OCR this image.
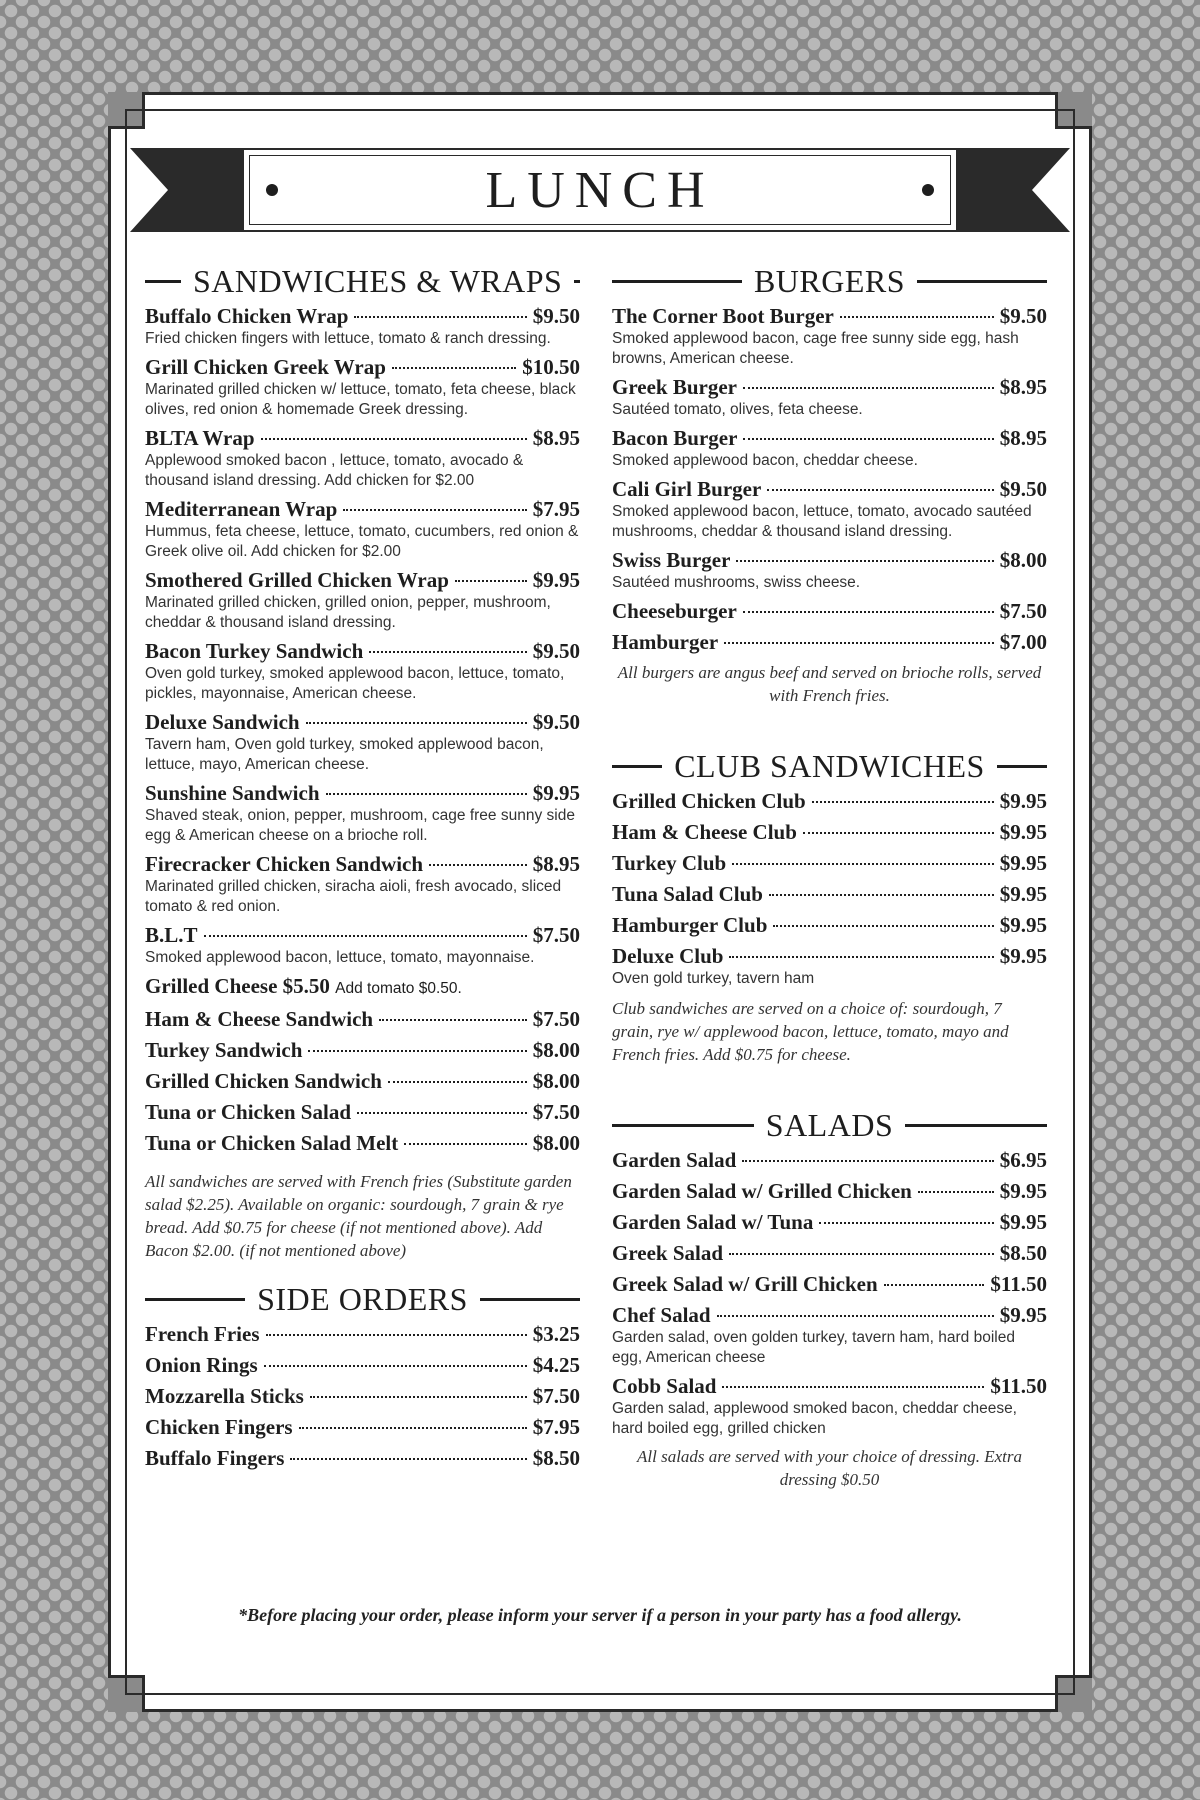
LUNCH
SANDWICHES & WRAPS
Buffalo Chicken Wrap	$9.50
Fried chicken fingers with lettuce, tomato & ranch dressing.
Grill Chicken Greek Wrap	$10.50
Marinated grilled chicken w/ lettuce, tomato, feta cheese, black olives, red onion & homemade Greek dressing.
BLTA Wrap	$8.95
Applewood smoked bacon , lettuce, tomato, avocado & thousand island dressing. Add chicken for $2.00
Mediterranean Wrap	$7.95
Hummus, feta cheese, lettuce, tomato, cucumbers, red onion & Greek olive oil. Add chicken for $2.00
Smothered Grilled Chicken Wrap	$9.95
Marinated grilled chicken, grilled onion, pepper, mushroom, cheddar & thousand island dressing.
Bacon Turkey Sandwich	$9.50
Oven gold turkey, smoked applewood bacon, lettuce, tomato, pickles, mayonnaise, American cheese.
Deluxe Sandwich	$9.50
Tavern ham, Oven gold turkey, smoked applewood bacon, lettuce, mayo, American cheese.
Sunshine Sandwich	$9.95
Shaved steak, onion, pepper, mushroom, cage free sunny side egg & American cheese on a brioche roll.
Firecracker Chicken Sandwich	$8.95
Marinated grilled chicken, siracha aioli, fresh avocado, sliced tomato & red onion.
B.L.T	$7.50
Smoked applewood bacon, lettuce, tomato, mayonnaise.
Grilled Cheese $5.50 Add tomato $0.50.
Ham & Cheese Sandwich	$7.50
Turkey Sandwich	$8.00
Grilled Chicken Sandwich	$8.00
Tuna or Chicken Salad	$7.50
Tuna or Chicken Salad Melt	$8.00
All sandwiches are served with French fries (Substitute garden salad $2.25). Available on organic: sourdough, 7 grain & rye bread. Add $0.75 for cheese (if not mentioned above). Add Bacon $2.00. (if not mentioned above)
SIDE ORDERS
French Fries	$3.25
Onion Rings	$4.25
Mozzarella Sticks	$7.50
Chicken Fingers	$7.95
Buffalo Fingers	$8.50
BURGERS
The Corner Boot Burger	$9.50
Smoked applewood bacon, cage free sunny side egg, hash browns, American cheese.
Greek Burger	$8.95
Sautéed tomato, olives, feta cheese.
Bacon Burger	$8.95
Smoked applewood bacon, cheddar cheese.
Cali Girl Burger	$9.50
Smoked applewood bacon, lettuce, tomato, avocado sautéed mushrooms, cheddar & thousand island dressing.
Swiss Burger	$8.00
Sautéed mushrooms, swiss cheese.
Cheeseburger	$7.50
Hamburger	$7.00
All burgers are angus beef and served on brioche rolls, served with French fries.
CLUB SANDWICHES
Grilled Chicken Club	$9.95
Ham & Cheese Club	$9.95
Turkey Club	$9.95
Tuna Salad Club	$9.95
Hamburger Club	$9.95
Deluxe Club	$9.95
Oven gold turkey, tavern ham
Club sandwiches are served on a choice of: sourdough, 7 grain, rye w/ applewood bacon, lettuce, tomato, mayo and French fries. Add $0.75 for cheese.
SALADS
Garden Salad	$6.95
Garden Salad w/ Grilled Chicken	$9.95
Garden Salad w/ Tuna	$9.95
Greek Salad	$8.50
Greek Salad w/ Grill Chicken	$11.50
Chef Salad	$9.95
Garden salad, oven golden turkey, tavern ham, hard boiled egg, American cheese
Cobb Salad	$11.50
Garden salad, applewood smoked bacon, cheddar cheese, hard boiled egg, grilled chicken
All salads are served with your choice of dressing. Extra dressing $0.50
*Before placing your order, please inform your server if a person in your party has a food allergy.
